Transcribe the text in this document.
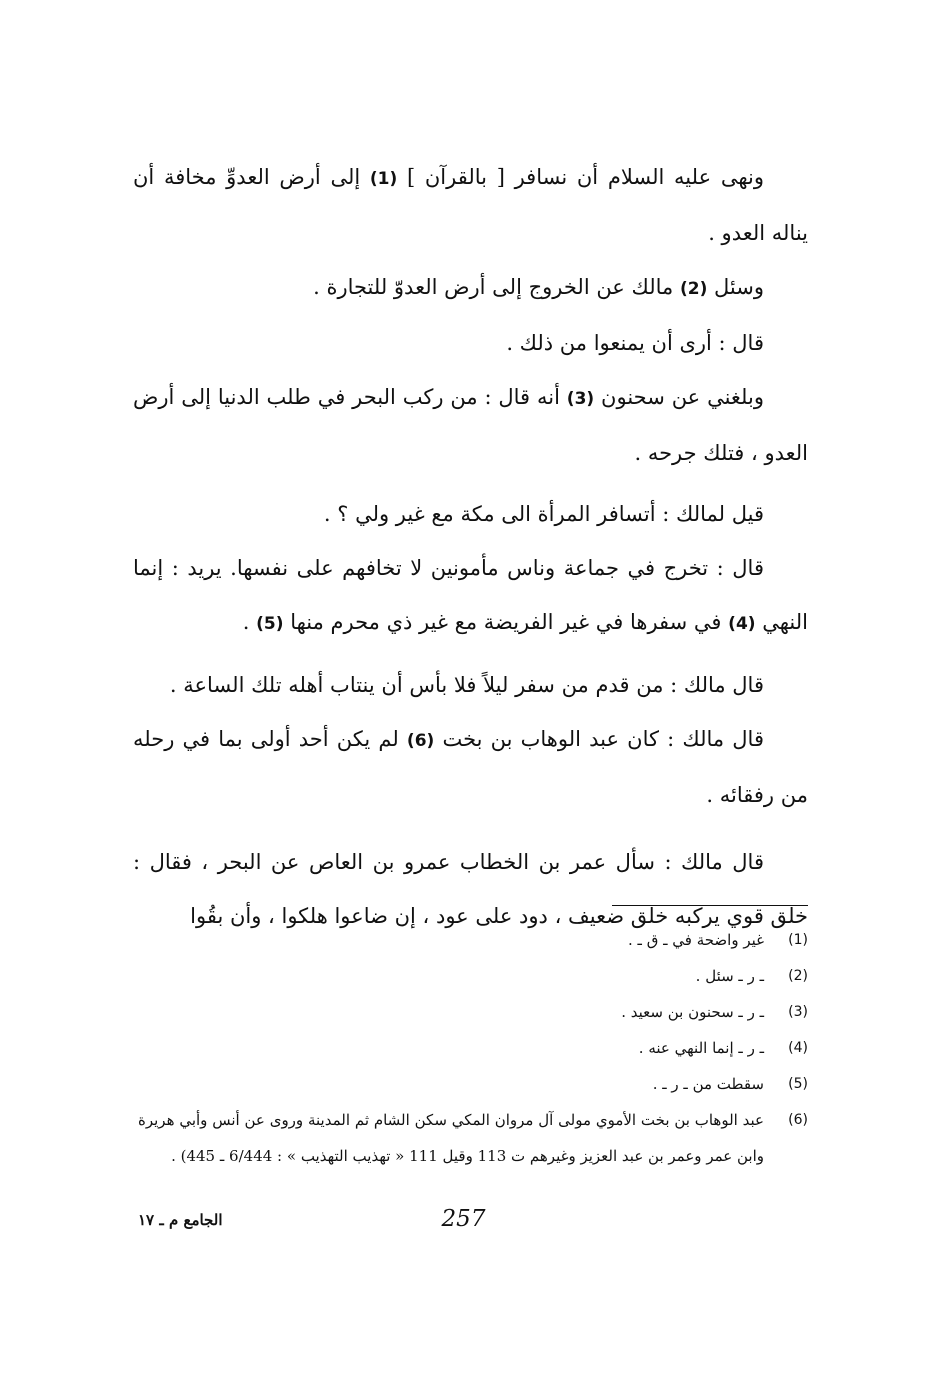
ونهى عليه السلام أن نسافر [ بالقرآن ] (1) إلى أرض العدوِّ مخافة أن يناله العدو .

وسئل (2) مالك عن الخروج إلى أرض العدوّ للتجارة .

قال : أرى أن يمنعوا من ذلك .

وبلغني عن سحنون (3) أنه قال : من ركب البحر في طلب الدنيا إلى أرض العدو ، فتلك جرحه .

قيل لمالك : أتسافر المرأة الى مكة مع غير ولي ؟ .

قال : تخرج في جماعة وناس مأمونين لا تخافهم على نفسها. يريد : إنما النهي (4) في سفرها في غير الفريضة مع غير ذي محرم منها (5) .

قال مالك : من قدم من سفر ليلاً فلا بأس أن ينتاب أهله تلك الساعة .

قال مالك : كان عبد الوهاب بن بخت (6) لم يكن أحد أولى بما في رحله من رفقائه .

قال مالك : سأل عمر بن الخطاب عمرو بن العاص عن البحر ، فقال : خلق قوي يركبه خلق ضعيف ، دود على عود ، إن ضاعوا هلكوا ، وأن بقُوا

(1)
غير واضحة في ـ ق ـ .
(2)
ـ ر ـ سئل .
(3)
ـ ر ـ سحنون بن سعيد .
(4)
ـ ر ـ إنما النهي عنه .
(5)
سقطت من ـ ر ـ .
(6)
عبد الوهاب بن بخت الأموي مولى آل مروان المكي سكن الشام ثم المدينة وروى عن أنس وأبي هريرة وابن عمر وعمر بن عبد العزيز وغيرهم ت 113 وقيل 111 « تهذيب التهذيب » : 6/444 ـ 445) .
257
الجامع م ـ ١٧
